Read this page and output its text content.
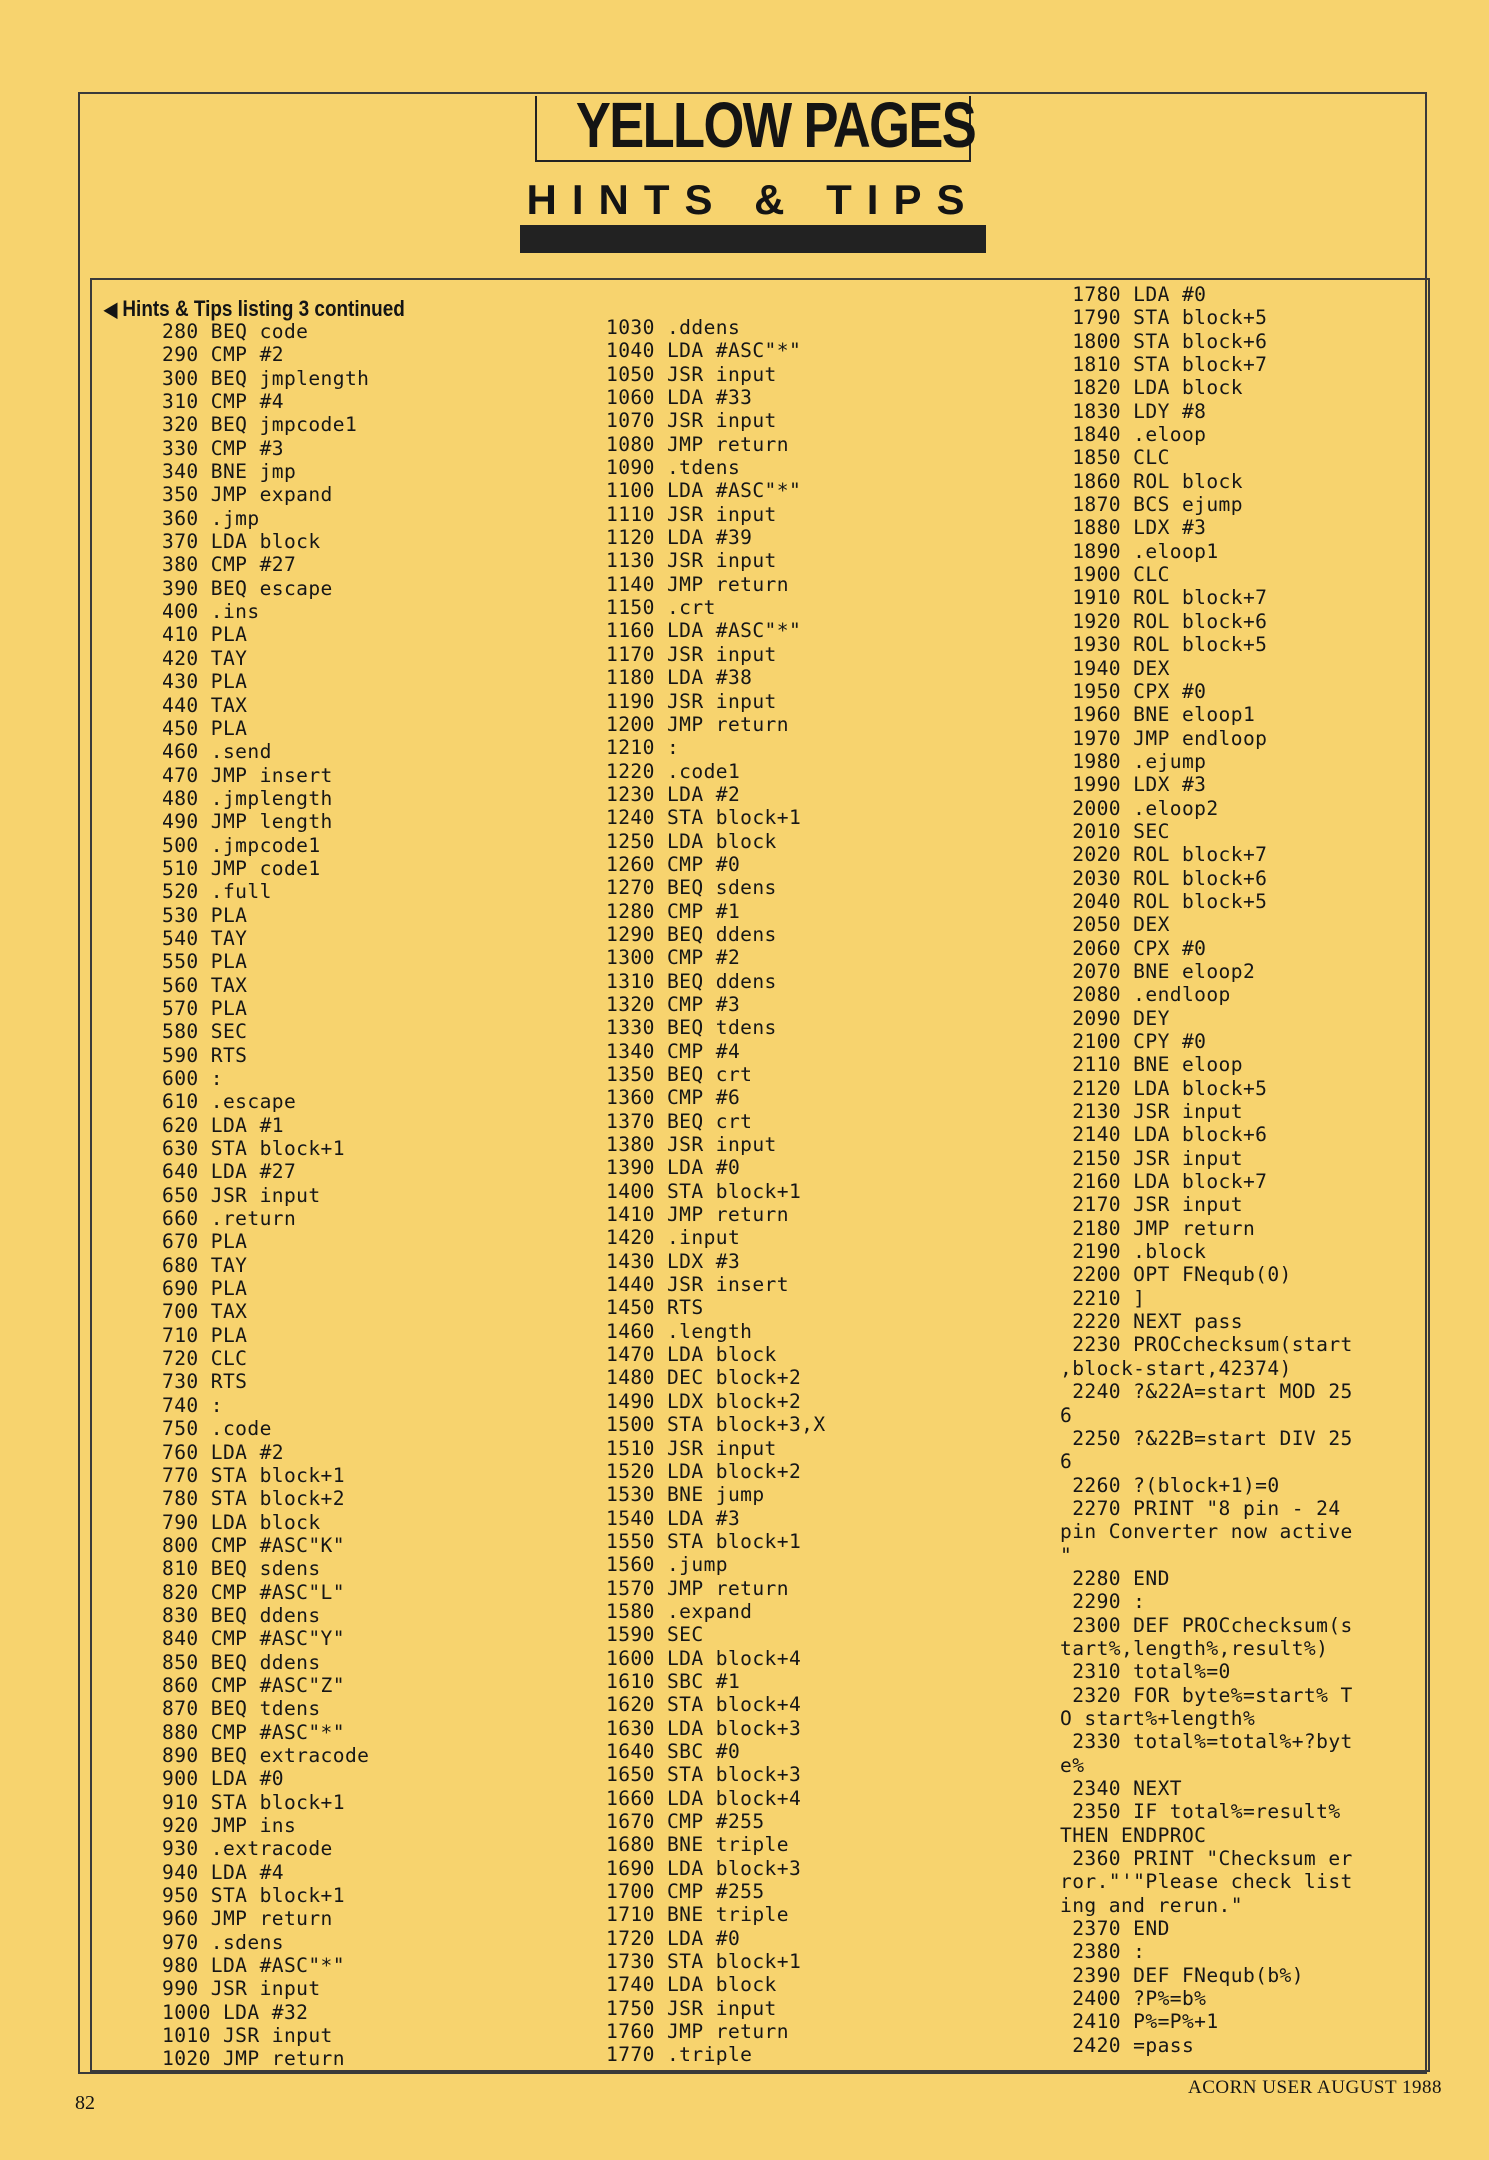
YELLOW PAGES
HINTS & TIPS
◀ Hints & Tips listing 3 continued
280 BEQ code
290 CMP #2
300 BEQ jmplength
310 CMP #4
320 BEQ jmpcode1
330 CMP #3
340 BNE jmp
350 JMP expand
360 .jmp
370 LDA block
380 CMP #27
390 BEQ escape
400 .ins
410 PLA
420 TAY
430 PLA
440 TAX
450 PLA
460 .send
470 JMP insert
480 .jmplength
490 JMP length
500 .jmpcode1
510 JMP code1
520 .full
530 PLA
540 TAY
550 PLA
560 TAX
570 PLA
580 SEC
590 RTS
600 :
610 .escape
620 LDA #1
630 STA block+1
640 LDA #27
650 JSR input
660 .return
670 PLA
680 TAY
690 PLA
700 TAX
710 PLA
720 CLC
730 RTS
740 :
750 .code
760 LDA #2
770 STA block+1
780 STA block+2
790 LDA block
800 CMP #ASC"K"
810 BEQ sdens
820 CMP #ASC"L"
830 BEQ ddens
840 CMP #ASC"Y"
850 BEQ ddens
860 CMP #ASC"Z"
870 BEQ tdens
880 CMP #ASC"*"
890 BEQ extracode
900 LDA #0
910 STA block+1
920 JMP ins
930 .extracode
940 LDA #4
950 STA block+1
960 JMP return
970 .sdens
980 LDA #ASC"*"
990 JSR input
1000 LDA #32
1010 JSR input
1020 JMP return
1030 .ddens
1040 LDA #ASC"*"
1050 JSR input
1060 LDA #33
1070 JSR input
1080 JMP return
1090 .tdens
1100 LDA #ASC"*"
1110 JSR input
1120 LDA #39
1130 JSR input
1140 JMP return
1150 .crt
1160 LDA #ASC"*"
1170 JSR input
1180 LDA #38
1190 JSR input
1200 JMP return
1210 :
1220 .code1
1230 LDA #2
1240 STA block+1
1250 LDA block
1260 CMP #0
1270 BEQ sdens
1280 CMP #1
1290 BEQ ddens
1300 CMP #2
1310 BEQ ddens
1320 CMP #3
1330 BEQ tdens
1340 CMP #4
1350 BEQ crt
1360 CMP #6
1370 BEQ crt
1380 JSR input
1390 LDA #0
1400 STA block+1
1410 JMP return
1420 .input
1430 LDX #3
1440 JSR insert
1450 RTS
1460 .length
1470 LDA block
1480 DEC block+2
1490 LDX block+2
1500 STA block+3,X
1510 JSR input
1520 LDA block+2
1530 BNE jump
1540 LDA #3
1550 STA block+1
1560 .jump
1570 JMP return
1580 .expand
1590 SEC
1600 LDA block+4
1610 SBC #1
1620 STA block+4
1630 LDA block+3
1640 SBC #0
1650 STA block+3
1660 LDA block+4
1670 CMP #255
1680 BNE triple
1690 LDA block+3
1700 CMP #255
1710 BNE triple
1720 LDA #0
1730 STA block+1
1740 LDA block
1750 JSR input
1760 JMP return
1770 .triple
1780 LDA #0
1790 STA block+5
1800 STA block+6
1810 STA block+7
1820 LDA block
1830 LDY #8
1840 .eloop
1850 CLC
1860 ROL block
1870 BCS ejump
1880 LDX #3
1890 .eloop1
1900 CLC
1910 ROL block+7
1920 ROL block+6
1930 ROL block+5
1940 DEX
1950 CPX #0
1960 BNE eloop1
1970 JMP endloop
1980 .ejump
1990 LDX #3
2000 .eloop2
2010 SEC
2020 ROL block+7
2030 ROL block+6
2040 ROL block+5
2050 DEX
2060 CPX #0
2070 BNE eloop2
2080 .endloop
2090 DEY
2100 CPY #0
2110 BNE eloop
2120 LDA block+5
2130 JSR input
2140 LDA block+6
2150 JSR input
2160 LDA block+7
2170 JSR input
2180 JMP return
2190 .block
2200 OPT FNequb(0)
2210 ]
2220 NEXT pass
2230 PROCchecksum(start
,block-start,42374)
2240 ?&22A=start MOD 25
6
2250 ?&22B=start DIV 25
6
2260 ?(block+1)=0
2270 PRINT "8 pin - 24
pin Converter now active
"
2280 END
2290 :
2300 DEF PROCchecksum(s
tart%,length%,result%)
2310 total%=0
2320 FOR byte%=start% T
O start%+length%
2330 total%=total%+?byt
e%
2340 NEXT
2350 IF total%=result%
THEN ENDPROC
2360 PRINT "Checksum er
ror."'"Please check list
ing and rerun."
2370 END
2380 :
2390 DEF FNequb(b%)
2400 ?P%=b%
2410 P%=P%+1
2420 =pass
82
ACORN USER AUGUST 1988
